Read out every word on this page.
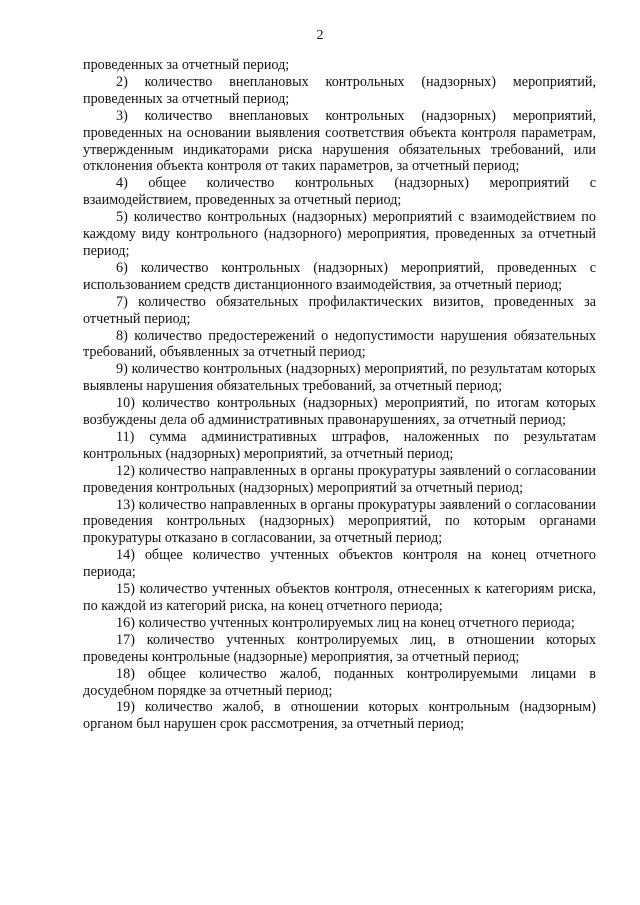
2

проведенных за отчетный период;

2) количество внеплановых контрольных (надзорных) мероприятий, проведенных за отчетный период;

3) количество внеплановых контрольных (надзорных) мероприятий, проведенных на основании выявления соответствия объекта контроля параметрам, утвержденным индикаторами риска нарушения обязательных требований, или отклонения объекта контроля от таких параметров, за отчетный период;

4) общее количество контрольных (надзорных) мероприятий с взаимодействием, проведенных за отчетный период;

5) количество контрольных (надзорных) мероприятий с взаимодействием по каждому виду контрольного (надзорного) мероприятия, проведенных за отчетный период;

6) количество контрольных (надзорных) мероприятий, проведенных с использованием средств дистанционного взаимодействия, за отчетный период;

7) количество обязательных профилактических визитов, проведенных за отчетный период;

8) количество предостережений о недопустимости нарушения обязательных требований, объявленных за отчетный период;

9) количество контрольных (надзорных) мероприятий, по результатам которых выявлены нарушения обязательных требований, за отчетный период;

10) количество контрольных (надзорных) мероприятий, по итогам которых возбуждены дела об административных правонарушениях, за отчетный период;

11) сумма административных штрафов, наложенных по результатам контрольных (надзорных) мероприятий, за отчетный период;

12) количество направленных в органы прокуратуры заявлений о согласовании проведения контрольных (надзорных) мероприятий за отчетный период;

13) количество направленных в органы прокуратуры заявлений о согласовании проведения контрольных (надзорных) мероприятий, по которым органами прокуратуры отказано в согласовании, за отчетный период;

14) общее количество учтенных объектов контроля на конец отчетного периода;

15) количество учтенных объектов контроля, отнесенных к категориям риска, по каждой из категорий риска, на конец отчетного периода;

16) количество учтенных контролируемых лиц на конец отчетного периода;

17) количество учтенных контролируемых лиц, в отношении которых проведены контрольные (надзорные) мероприятия, за отчетный период;

18) общее количество жалоб, поданных контролируемыми лицами в досудебном порядке за отчетный период;

19) количество жалоб, в отношении которых контрольным (надзорным) органом был нарушен срок рассмотрения, за отчетный период;
